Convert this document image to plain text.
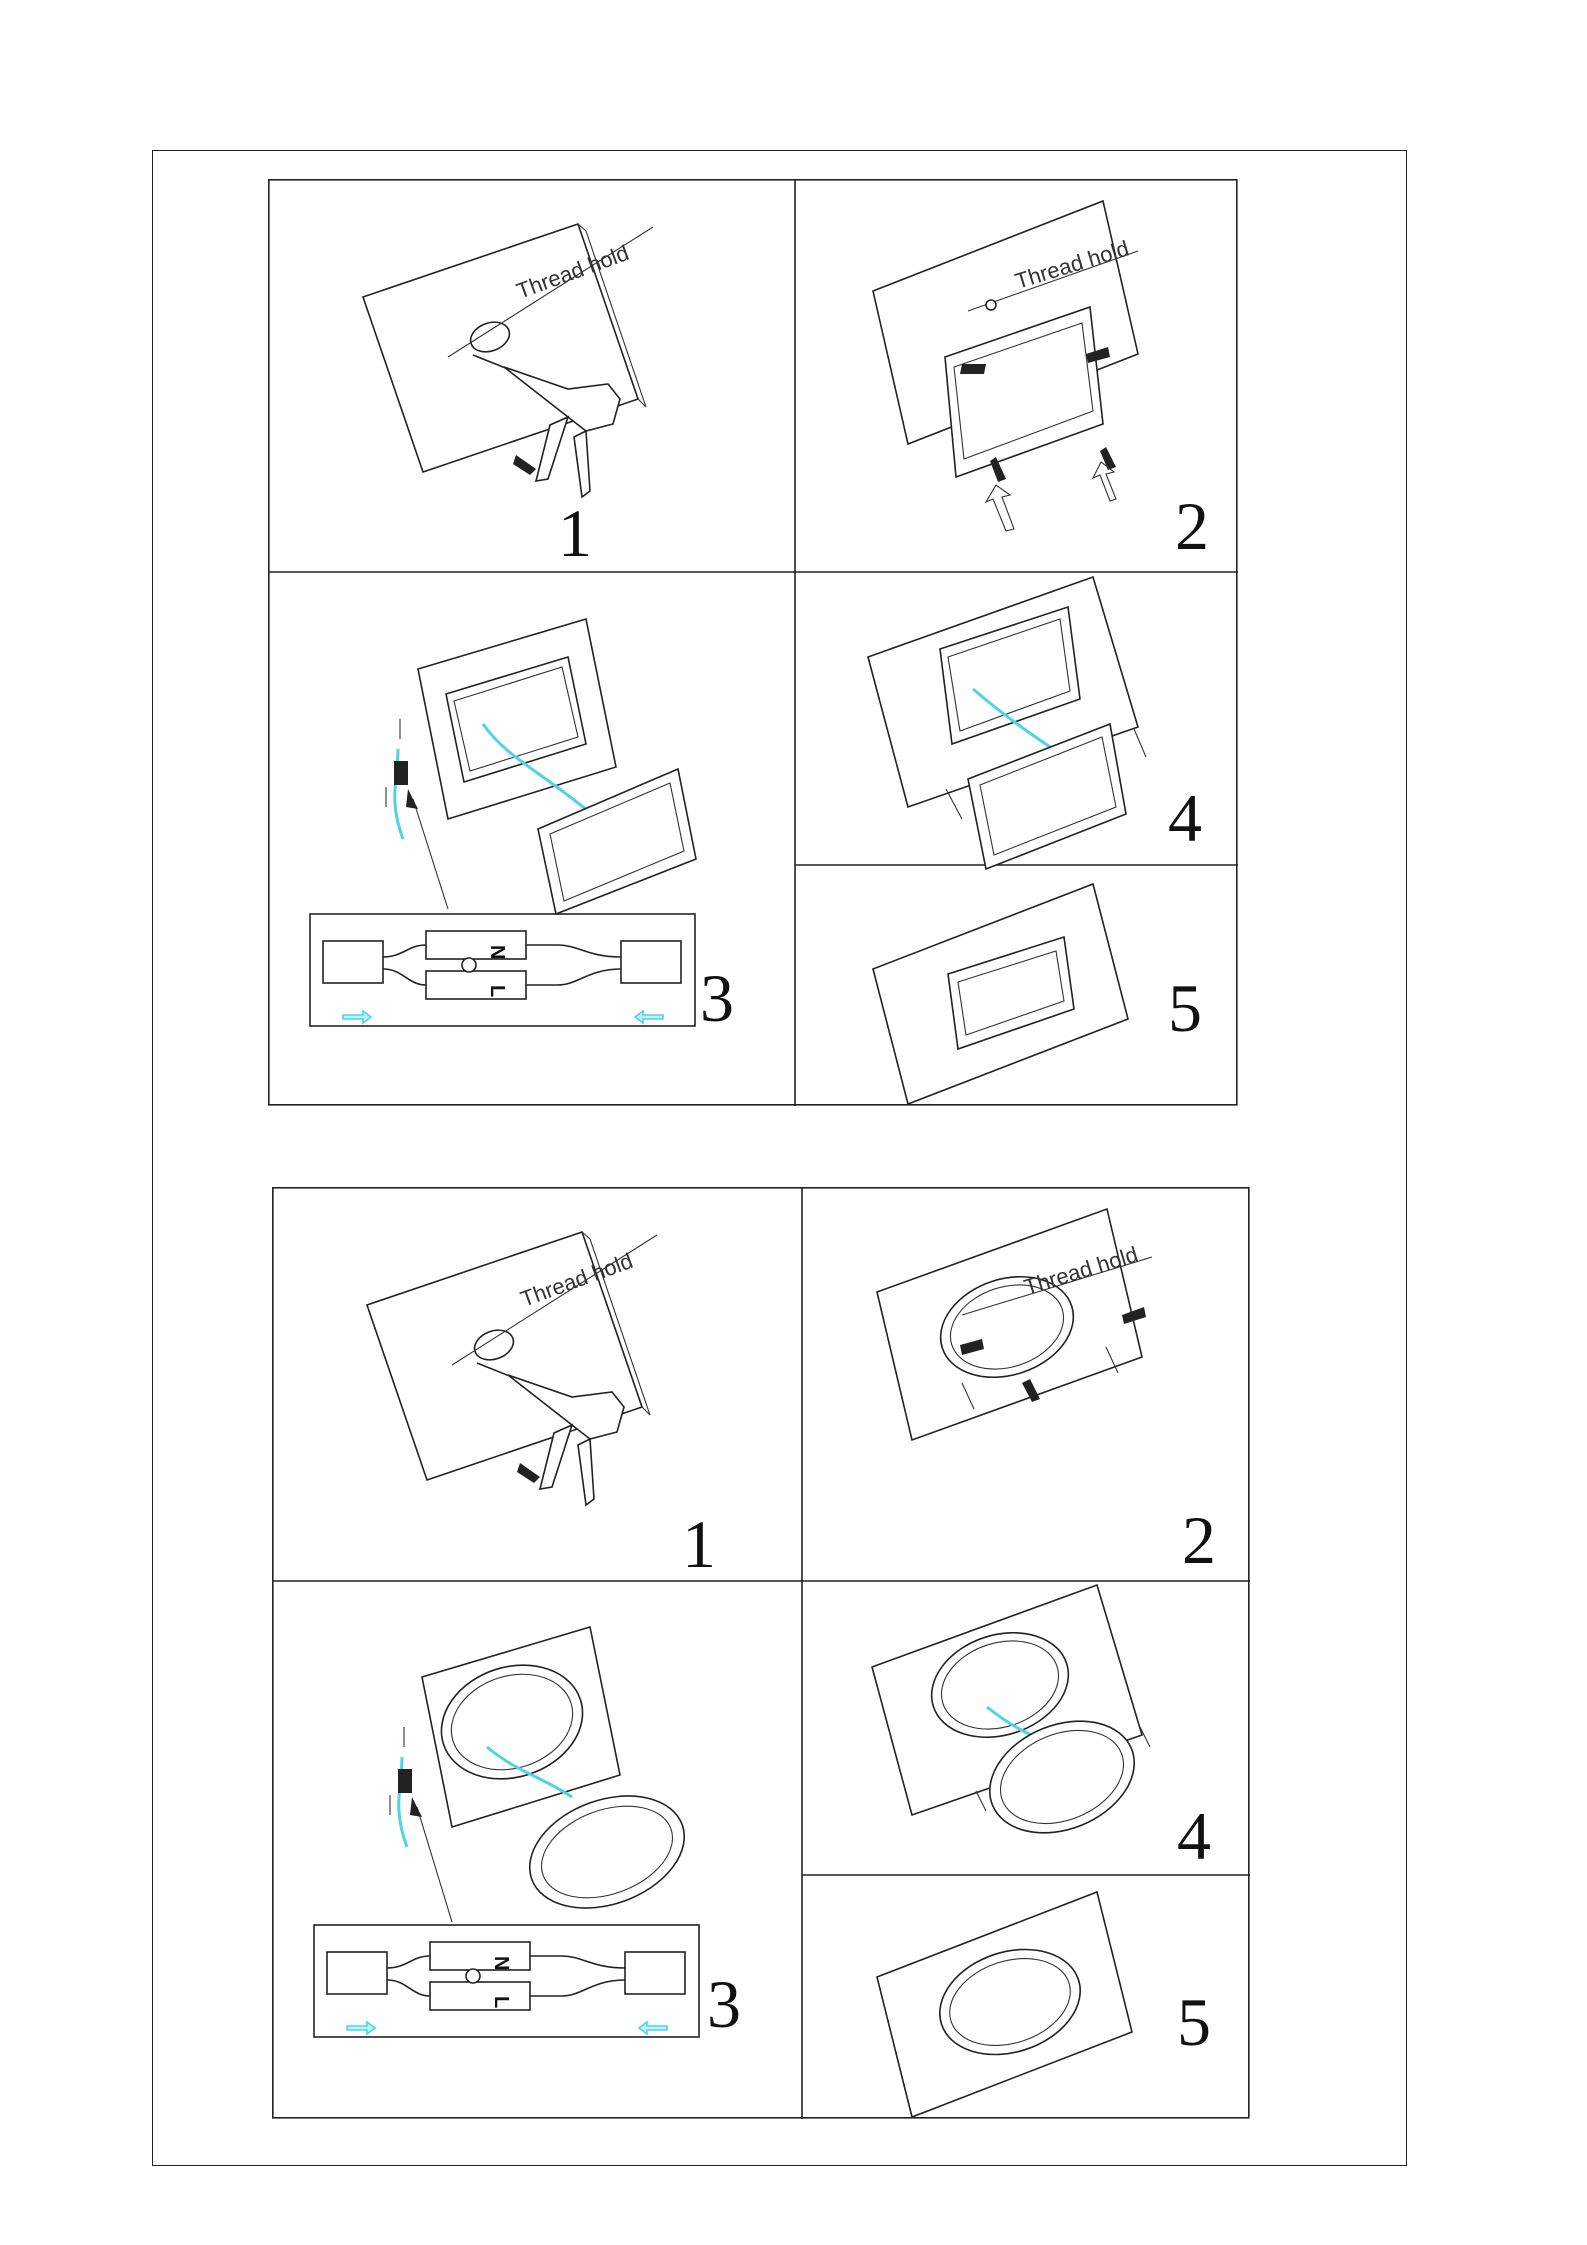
Thread hold
1
Thread hold
2
N
L	3
4
5
Thread hold
1
Thread hold
2
N
L	3
4
5
